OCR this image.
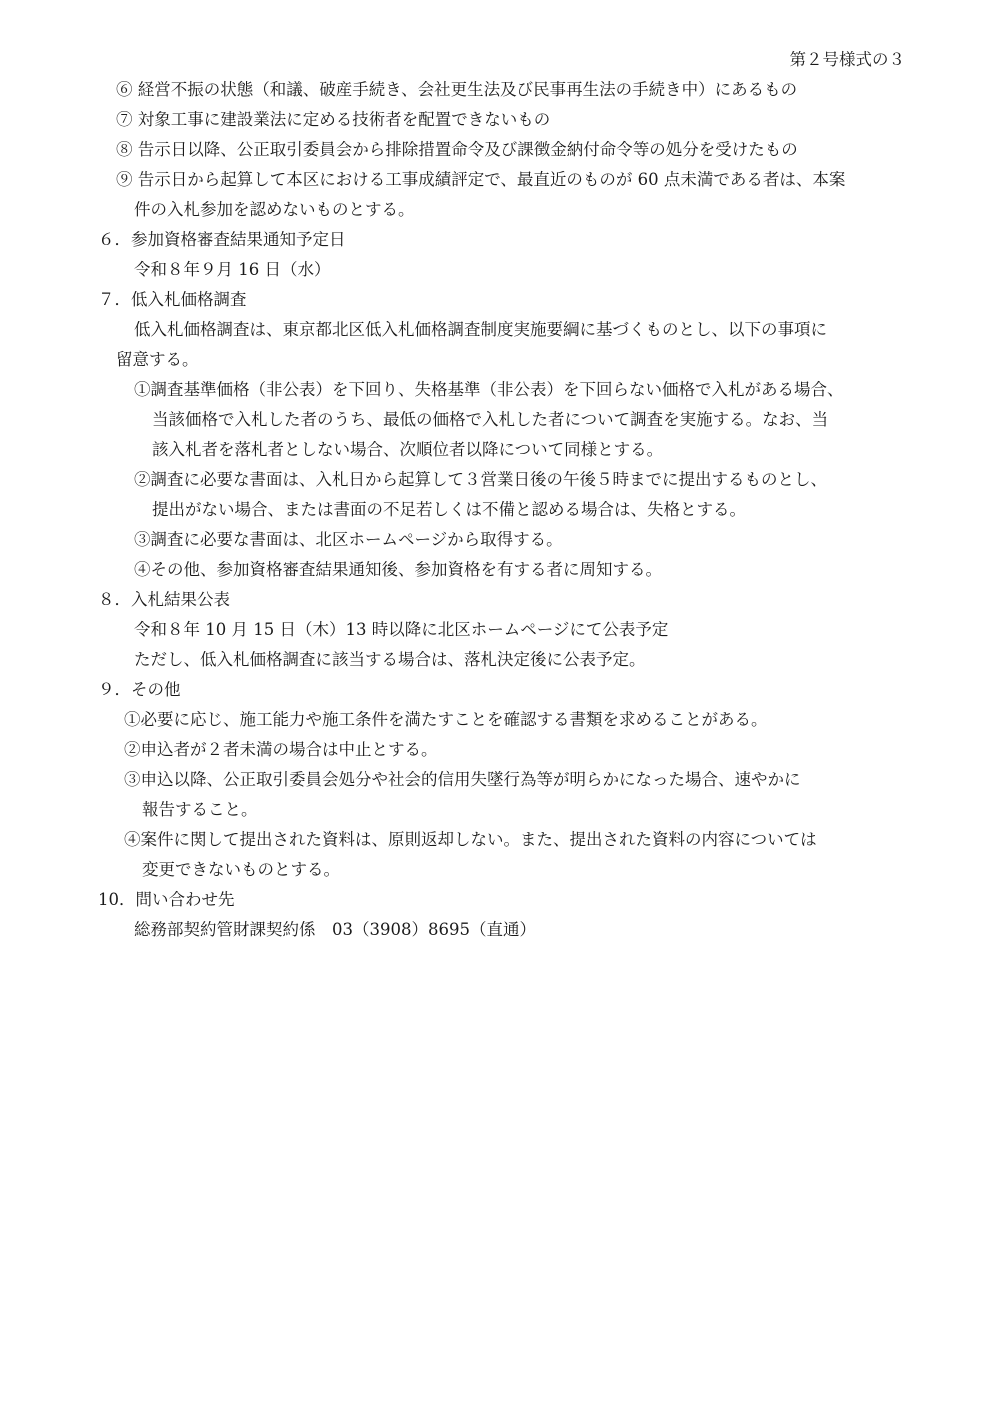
第２号様式の３
⑥ 経営不振の状態（和議、破産手続き、会社更生法及び民事再生法の手続き中）にあるもの
⑦ 対象工事に建設業法に定める技術者を配置できないもの
⑧ 告示日以降、公正取引委員会から排除措置命令及び課徴金納付命令等の処分を受けたもの
⑨ 告示日から起算して本区における工事成績評定で、最直近のものが 60 点未満である者は、本案
件の入札参加を認めないものとする。
６．参加資格審査結果通知予定日
令和８年９月 16 日（水）
７．低入札価格調査
低入札価格調査は、東京都北区低入札価格調査制度実施要綱に基づくものとし、以下の事項に
留意する。
①調査基準価格（非公表）を下回り、失格基準（非公表）を下回らない価格で入札がある場合、
当該価格で入札した者のうち、最低の価格で入札した者について調査を実施する。なお、当
該入札者を落札者としない場合、次順位者以降について同様とする。
②調査に必要な書面は、入札日から起算して３営業日後の午後５時までに提出するものとし、
提出がない場合、または書面の不足若しくは不備と認める場合は、失格とする。
③調査に必要な書面は、北区ホームページから取得する。
④その他、参加資格審査結果通知後、参加資格を有する者に周知する。
８．入札結果公表
令和８年 10 月 15 日（木）13 時以降に北区ホームページにて公表予定
ただし、低入札価格調査に該当する場合は、落札決定後に公表予定。
９．その他
①必要に応じ、施工能力や施工条件を満たすことを確認する書類を求めることがある。
②申込者が２者未満の場合は中止とする。
③申込以降、公正取引委員会処分や社会的信用失墜行為等が明らかになった場合、速やかに
報告すること。
④案件に関して提出された資料は、原則返却しない。また、提出された資料の内容については
変更できないものとする。
10．問い合わせ先
総務部契約管財課契約係　03（3908）8695（直通）
